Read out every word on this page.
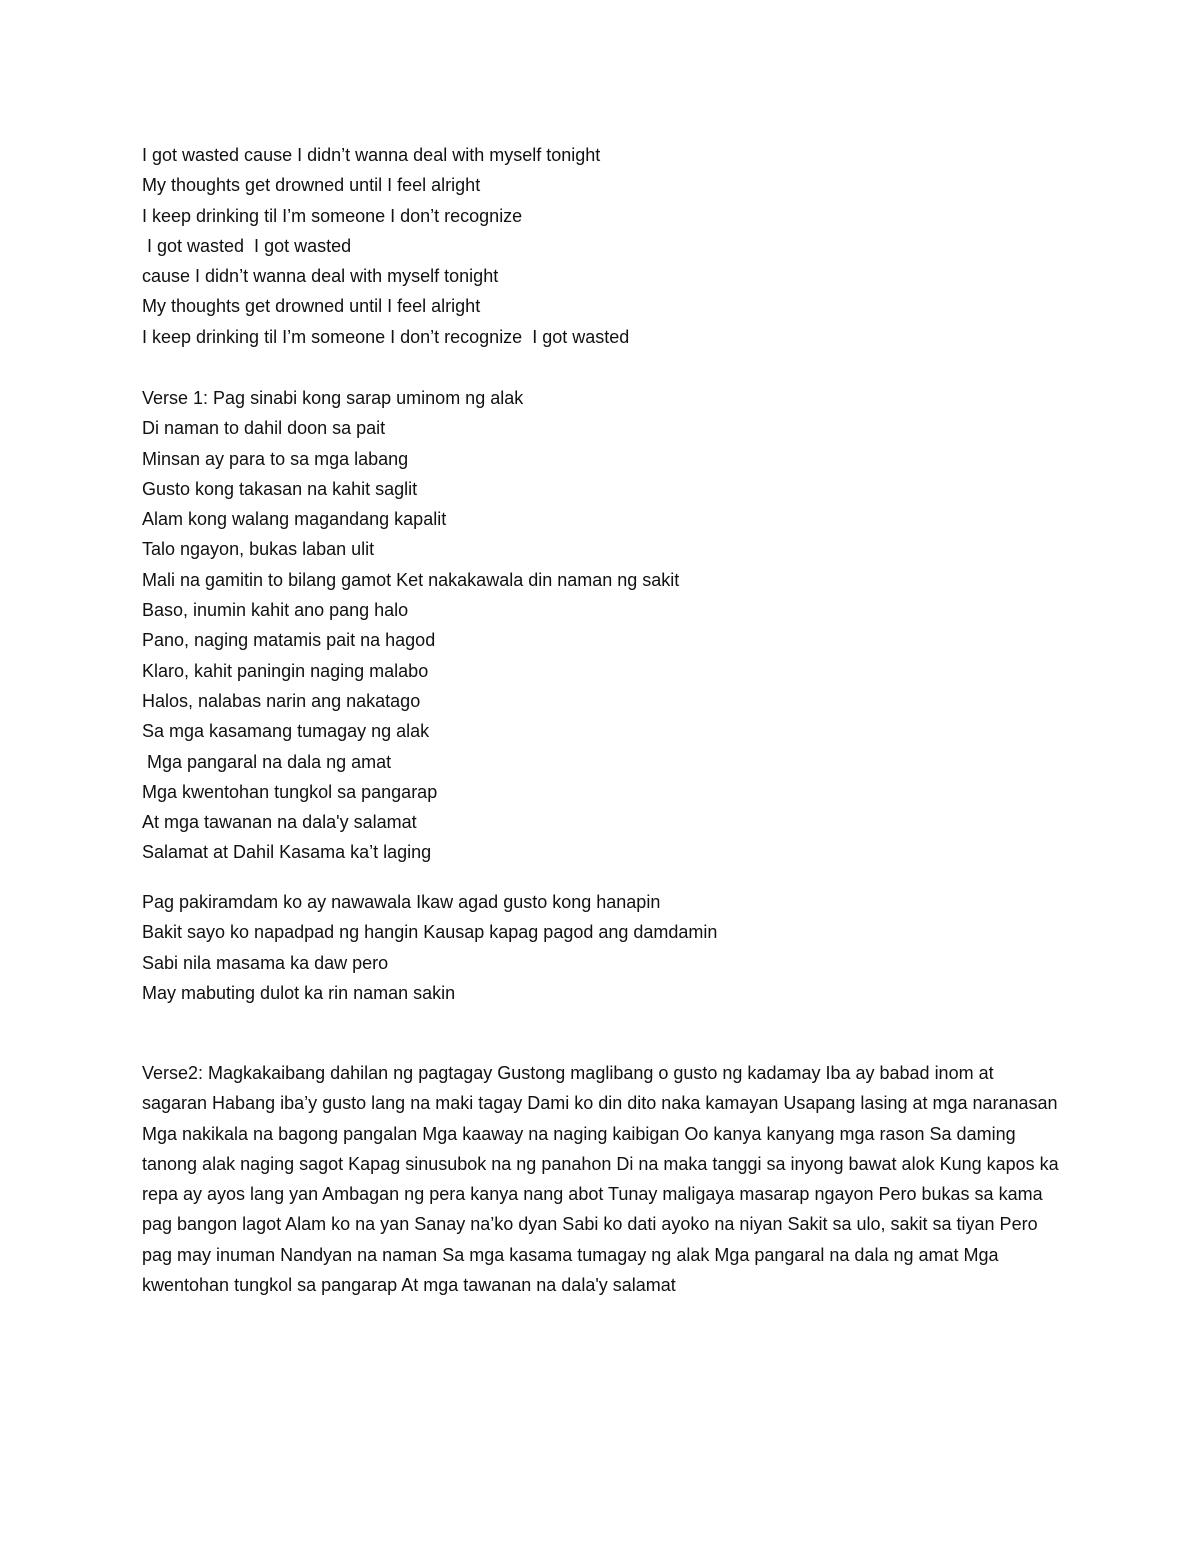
I got wasted cause I didn’t wanna deal with myself tonight
My thoughts get drowned until I feel alright
I keep drinking til I’m someone I don’t recognize
I got wasted  I got wasted
cause I didn’t wanna deal with myself tonight
My thoughts get drowned until I feel alright
I keep drinking til I’m someone I don’t recognize  I got wasted
Verse 1: Pag sinabi kong sarap uminom ng alak
Di naman to dahil doon sa pait
Minsan ay para to sa mga labang
Gusto kong takasan na kahit saglit
Alam kong walang magandang kapalit
Talo ngayon, bukas laban ulit
Mali na gamitin to bilang gamot Ket nakakawala din naman ng sakit
Baso, inumin kahit ano pang halo
Pano, naging matamis pait na hagod
Klaro, kahit paningin naging malabo
Halos, nalabas narin ang nakatago
Sa mga kasamang tumagay ng alak
Mga pangaral na dala ng amat
Mga kwentohan tungkol sa pangarap
At mga tawanan na dala'y salamat
Salamat at Dahil Kasama ka’t laging
Pag pakiramdam ko ay nawawala Ikaw agad gusto kong hanapin
Bakit sayo ko napadpad ng hangin Kausap kapag pagod ang damdamin
Sabi nila masama ka daw pero
May mabuting dulot ka rin naman sakin
Verse2: Magkakaibang dahilan ng pagtagay Gustong maglibang o gusto ng kadamay Iba ay babad inom at sagaran Habang iba’y gusto lang na maki tagay Dami ko din dito naka kamayan Usapang lasing at mga naranasan Mga nakikala na bagong pangalan Mga kaaway na naging kaibigan Oo kanya kanyang mga rason Sa daming tanong alak naging sagot Kapag sinusubok na ng panahon Di na maka tanggi sa inyong bawat alok Kung kapos ka repa ay ayos lang yan Ambagan ng pera kanya nang abot Tunay maligaya masarap ngayon Pero bukas sa kama pag bangon lagot Alam ko na yan Sanay na’ko dyan Sabi ko dati ayoko na niyan Sakit sa ulo, sakit sa tiyan Pero pag may inuman Nandyan na naman Sa mga kasama tumagay ng alak Mga pangaral na dala ng amat Mga kwentohan tungkol sa pangarap At mga tawanan na dala'y salamat
